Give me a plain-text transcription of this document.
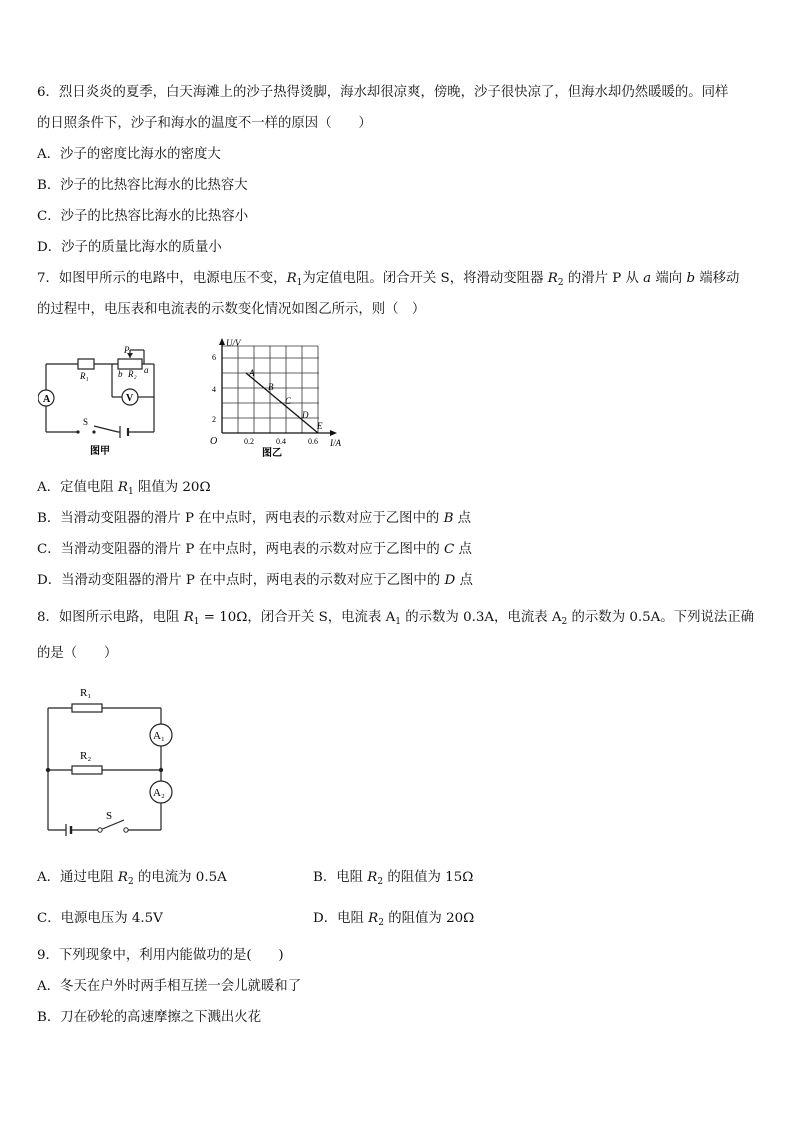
6．烈日炎炎的夏季，白天海滩上的沙子热得烫脚，海水却很凉爽，傍晚，沙子很快凉了，但海水却仍然暖暖的。同样
的日照条件下，沙子和海水的温度不一样的原因（　　）
A．沙子的密度比海水的密度大
B．沙子的比热容比海水的比热容大
C．沙子的比热容比海水的比热容小
D．沙子的质量比海水的质量小
7．如图甲所示的电路中，电源电压不变，$R_1$为定值电阻。闭合开关 S，将滑动变阻器 $R_2$ 的滑片 P 从 a 端向 b 端移动
的过程中，电压表和电流表的示数变化情况如图乙所示，则（　）
A	V
R₁	R₂
P
b a
S
图甲
U/V
I/A
O
2
4
6
0.2	0.4	0.6
A
B
C
D
E
图乙
A．定值电阻 $R_1$ 阻值为 20Ω
B．当滑动变阻器的滑片 P 在中点时，两电表的示数对应于乙图中的 B 点
C．当滑动变阻器的滑片 P 在中点时，两电表的示数对应于乙图中的 C 点
D．当滑动变阻器的滑片 P 在中点时，两电表的示数对应于乙图中的 D 点
8．如图所示电路，电阻 $R_1 = 10\Omega$，闭合开关 S，电流表 $A_1$ 的示数为 0.3A，电流表 $A_2$ 的示数为 0.5A。下列说法正确
的是（　　）
R₁
R₂
A₁
A₂
S
A．通过电阻 $R_2$ 的电流为 0.5A	B．电阻 $R_2$ 的阻值为 15Ω
C．电源电压为 4.5V	D．电阻 $R_2$ 的阻值为 20Ω
9．下列现象中，利用内能做功的是(　　)
A．冬天在户外时两手相互搓一会儿就暖和了
B．刀在砂轮的高速摩擦之下溅出火花
